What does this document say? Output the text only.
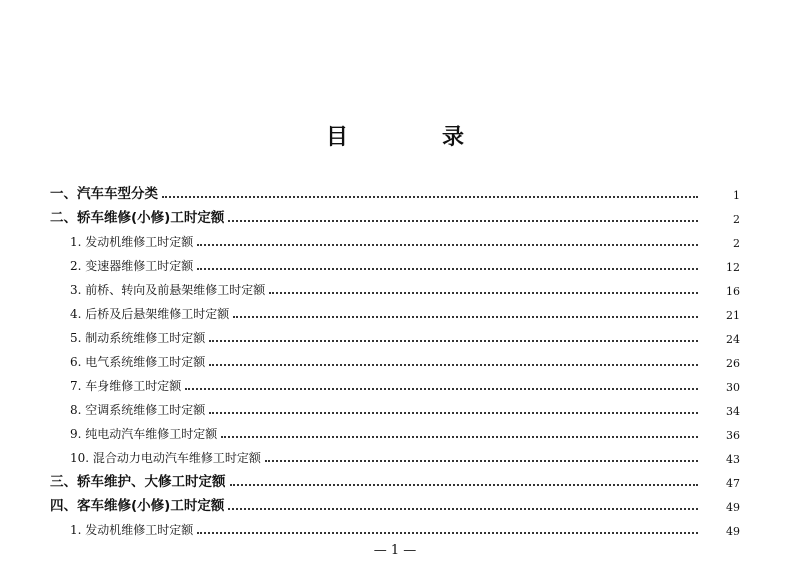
目　录
一、汽车车型分类	1
二、轿车维修(小修)工时定额	2
1. 发动机维修工时定额	2
2. 变速器维修工时定额	12
3. 前桥、转向及前悬架维修工时定额	16
4. 后桥及后悬架维修工时定额	21
5. 制动系统维修工时定额	24
6. 电气系统维修工时定额	26
7. 车身维修工时定额	30
8. 空调系统维修工时定额	34
9. 纯电动汽车维修工时定额	36
10. 混合动力电动汽车维修工时定额	43
三、轿车维护、大修工时定额	47
四、客车维修(小修)工时定额	49
1. 发动机维修工时定额	49
— 1 —
